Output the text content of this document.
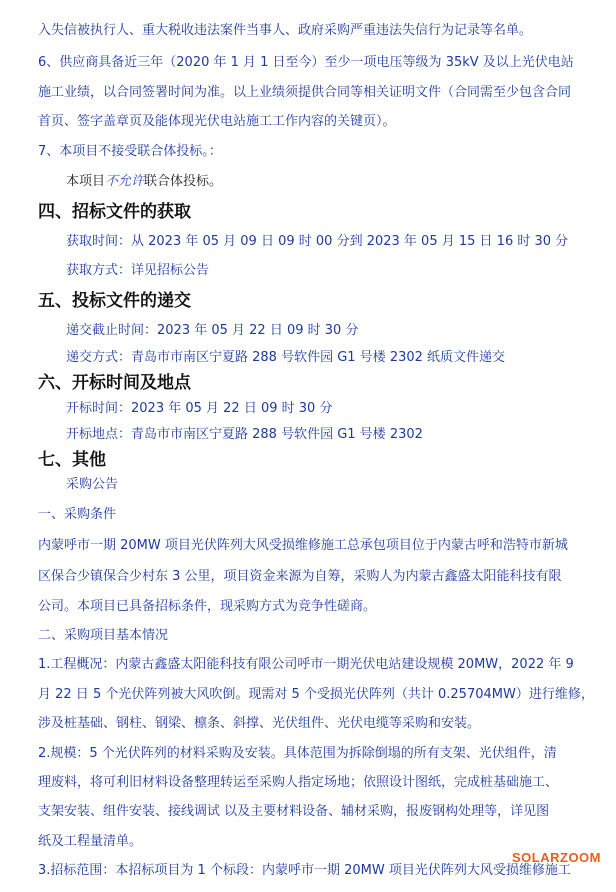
入失信被执行人、重大税收违法案件当事人、政府采购严重违法失信行为记录等名单。
6、供应商具备近三年（2020 年 1 月 1 日至今）至少一项电压等级为 35kV 及以上光伏电站
施工业绩，以合同签署时间为准。以上业绩须提供合同等相关证明文件（合同需至少包含合同
首页、签字盖章页及能体现光伏电站施工工作内容的关键页）。
7、本项目不接受联合体投标。：
本项目不允许联合体投标。
四、招标文件的获取
获取时间：从 2023 年 05 月 09 日 09 时 00 分到 2023 年 05 月 15 日 16 时 30 分
获取方式：详见招标公告
五、投标文件的递交
递交截止时间：2023 年 05 月 22 日 09 时 30 分
递交方式：青岛市市南区宁夏路 288 号软件园 G1 号楼 2302 纸质文件递交
六、开标时间及地点
开标时间：2023 年 05 月 22 日 09 时 30 分
开标地点：青岛市市南区宁夏路 288 号软件园 G1 号楼 2302
七、其他
采购公告
一、采购条件
内蒙呼市一期 20MW 项目光伏阵列大风受损维修施工总承包项目位于内蒙古呼和浩特市新城
区保合少镇保合少村东 3 公里，项目资金来源为自筹，采购人为内蒙古鑫盛太阳能科技有限
公司。本项目已具备招标条件，现采购方式为竞争性磋商。
二、采购项目基本情况
1.工程概况：内蒙古鑫盛太阳能科技有限公司呼市一期光伏电站建设规模 20MW，2022 年 9
月 22 日 5 个光伏阵列被大风吹倒。现需对 5 个受损光伏阵列（共计 0.25704MW）进行维修，
涉及桩基础、钢柱、钢梁、檩条、斜撑、光伏组件、光伏电缆等采购和安装。
2.规模：5 个光伏阵列的材料采购及安装。具体范围为拆除倒塌的所有支架、光伏组件，清
理废料，将可利旧材料设备整理转运至采购人指定场地；依照设计图纸，完成桩基础施工、
支架安装、组件安装、接线调试 以及主要材料设备、辅材采购，报废钢构处理等，详见图
纸及工程量清单。
3.招标范围：本招标项目为 1 个标段：内蒙呼市一期 20MW 项目光伏阵列大风受损维修施工
SOLARZOOM
